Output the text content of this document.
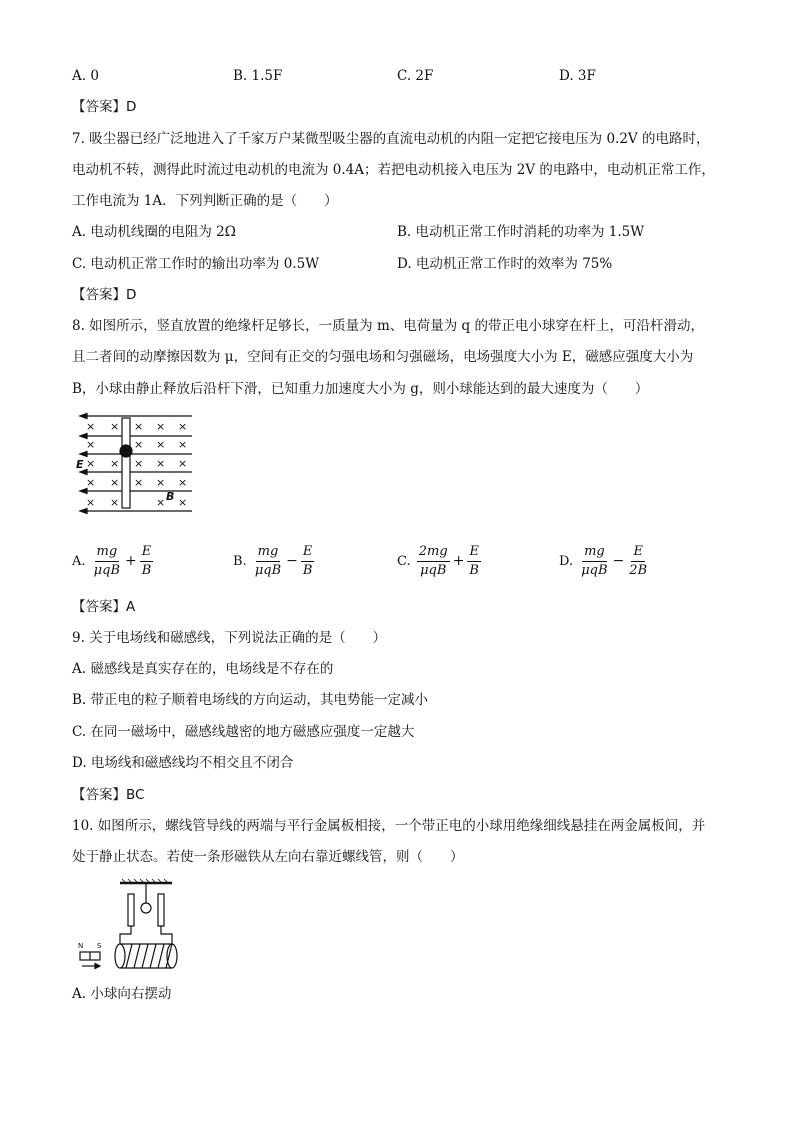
A. 0	B. 1.5F	C. 2F	D. 3F
【答案】D
7. 吸尘器已经广泛地进入了千家万户某微型吸尘器的直流电动机的内阻一定把它接电压为 0.2V 的电路时，
电动机不转，测得此时流过电动机的电流为 0.4A；若把电动机接入电压为 2V 的电路中，电动机正常工作，
工作电流为 1A．下列判断正确的是（　　）
A. 电动机线圈的电阻为 2Ω	B. 电动机正常工作时消耗的功率为 1.5W
C. 电动机正常工作时的输出功率为 0.5W	D. 电动机正常工作时的效率为 75%
【答案】D
8. 如图所示，竖直放置的绝缘杆足够长，一质量为 m、电荷量为 q 的带正电小球穿在杆上，可沿杆滑动，
且二者间的动摩擦因数为 μ，空间有正交的匀强电场和匀强磁场，电场强度大小为 E，磁感应强度大小为
B，小球由静止释放后沿杆下滑，已知重力加速度大小为 g，则小球能达到的最大速度为（　　）
× × × × ×
×	× × ×
× × × × ×
× × × × ×
× ×	× ×
E
B
A.
$\frac{mg}{\text{μqB}} + \frac{E}{B}$	B.
$\frac{mg}{\text{μqB}} - \frac{E}{B}$	C.
$\frac{2mg}{\text{μqB}} + \frac{E}{B}$	D.
$\frac{mg}{\text{μqB}} - \frac{E}{2B}$
【答案】A
9. 关于电场线和磁感线，下列说法正确的是（　　）
A. 磁感线是真实存在的，电场线是不存在的
B. 带正电的粒子顺着电场线的方向运动，其电势能一定减小
C. 在同一磁场中，磁感线越密的地方磁感应强度一定越大
D. 电场线和磁感线均不相交且不闭合
【答案】BC
10. 如图所示，螺线管导线的两端与平行金属板相接，一个带正电的小球用绝缘细线悬挂在两金属板间，并
处于静止状态。若使一条形磁铁从左向右靠近螺线管，则（　　）
N S
A. 小球向右摆动
